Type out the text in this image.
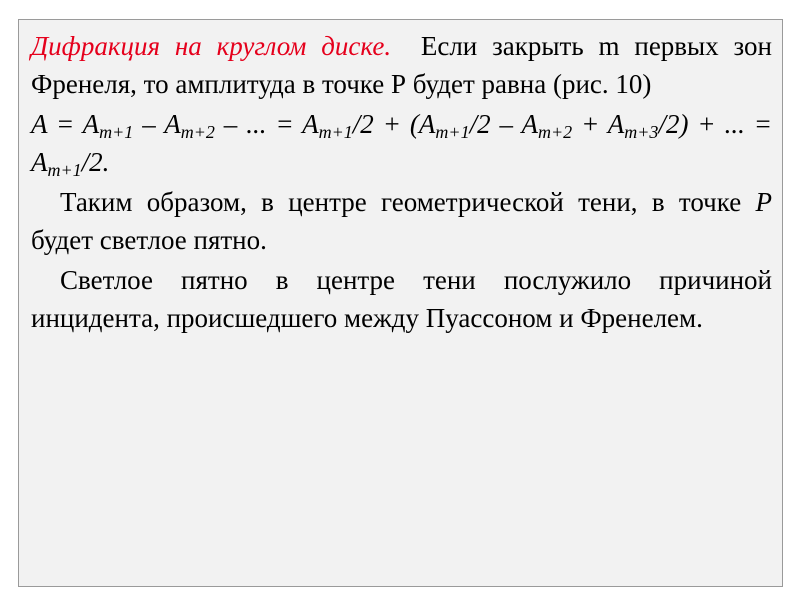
Дифракция на круглом диске. Если закрыть m первых зон Френеля, то амплитуда в точке Р будет равна (рис. 10)

$A = A_{m+1} - A_{m+2}$ – ... = $A_{m+1}/2 + (A_{m+1}/2 - A_{m+2} + A_{m+3}/2)$ + ... = $A_{m+1}/2$.

Таким образом, в центре геометрической тени, в точке P будет светлое пятно.

Светлое пятно в центре тени послужило причиной инцидента, происшедшего между Пуассоном и Френелем.
